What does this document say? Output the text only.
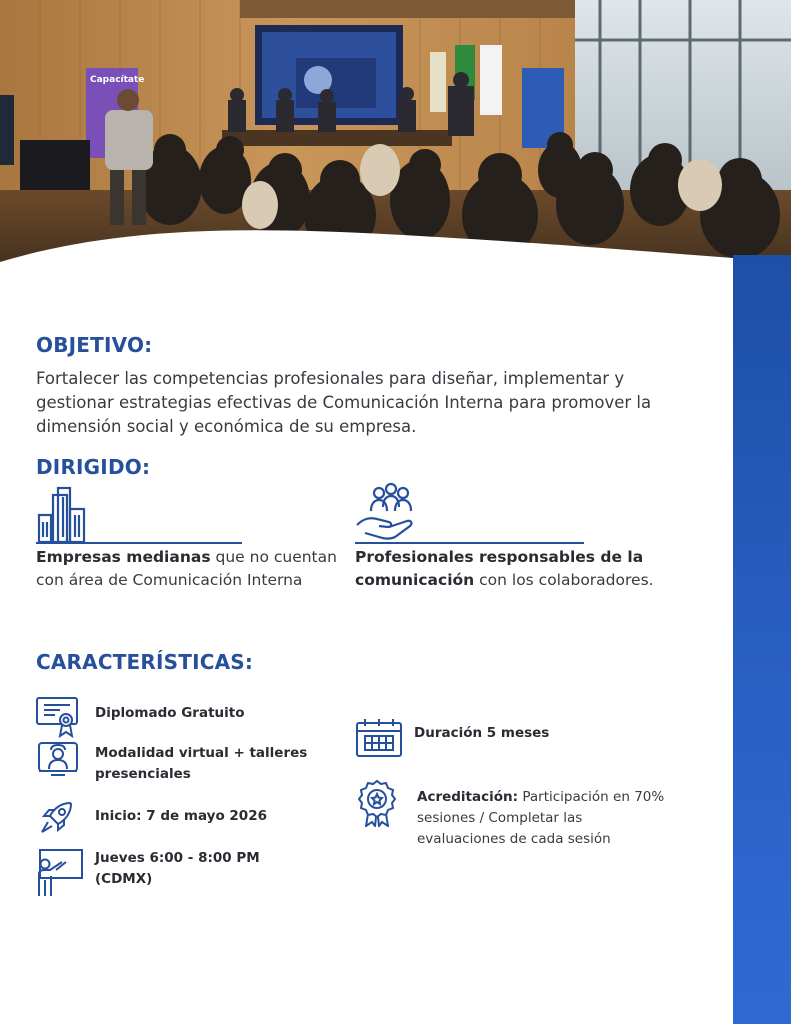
Capacítate
OBJETIVO:
Fortalecer las competencias profesionales para diseñar, implementar y gestionar estrategias efectivas de Comunicación Interna para promover la dimensión social y económica de su empresa.
DIRIGIDO:
Empresas medianas que no cuentan con área de Comunicación Interna
Profesionales responsables de la comunicación con los colaboradores.
CARACTERÍSTICAS:
Diplomado Gratuito
Modalidad virtual + talleres presenciales
Inicio: 7 de mayo 2026
Jueves 6:00 - 8:00 PM (CDMX)
Duración 5 meses
Acreditación: Participación en 70% sesiones / Completar las evaluaciones de cada sesión
